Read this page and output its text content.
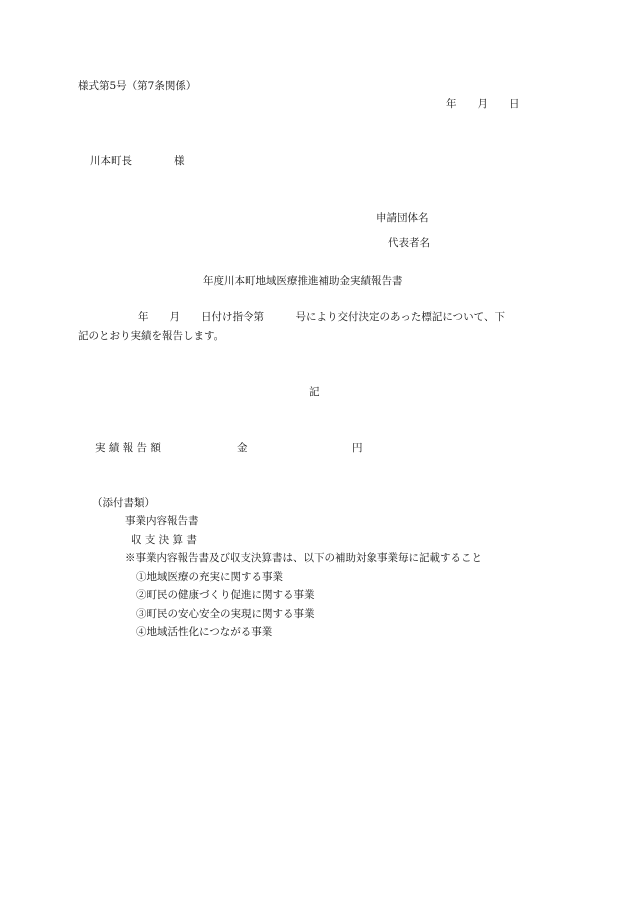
様式第5号（第7条関係）
年　　月　　日
川本町長　　　　様
申請団体名
代表者名
年度川本町地域医療推進補助金実績報告書
年　　月　　日付け指令第　　　号により交付決定のあった標記について、下
記のとおり実績を報告します。
記
実 績 報 告 額	金	円
（添付書類）
事業内容報告書
収 支 決 算 書
※事業内容報告書及び収支決算書は、以下の補助対象事業毎に記載すること
①地域医療の充実に関する事業
②町民の健康づくり促進に関する事業
③町民の安心安全の実現に関する事業
④地域活性化につながる事業
